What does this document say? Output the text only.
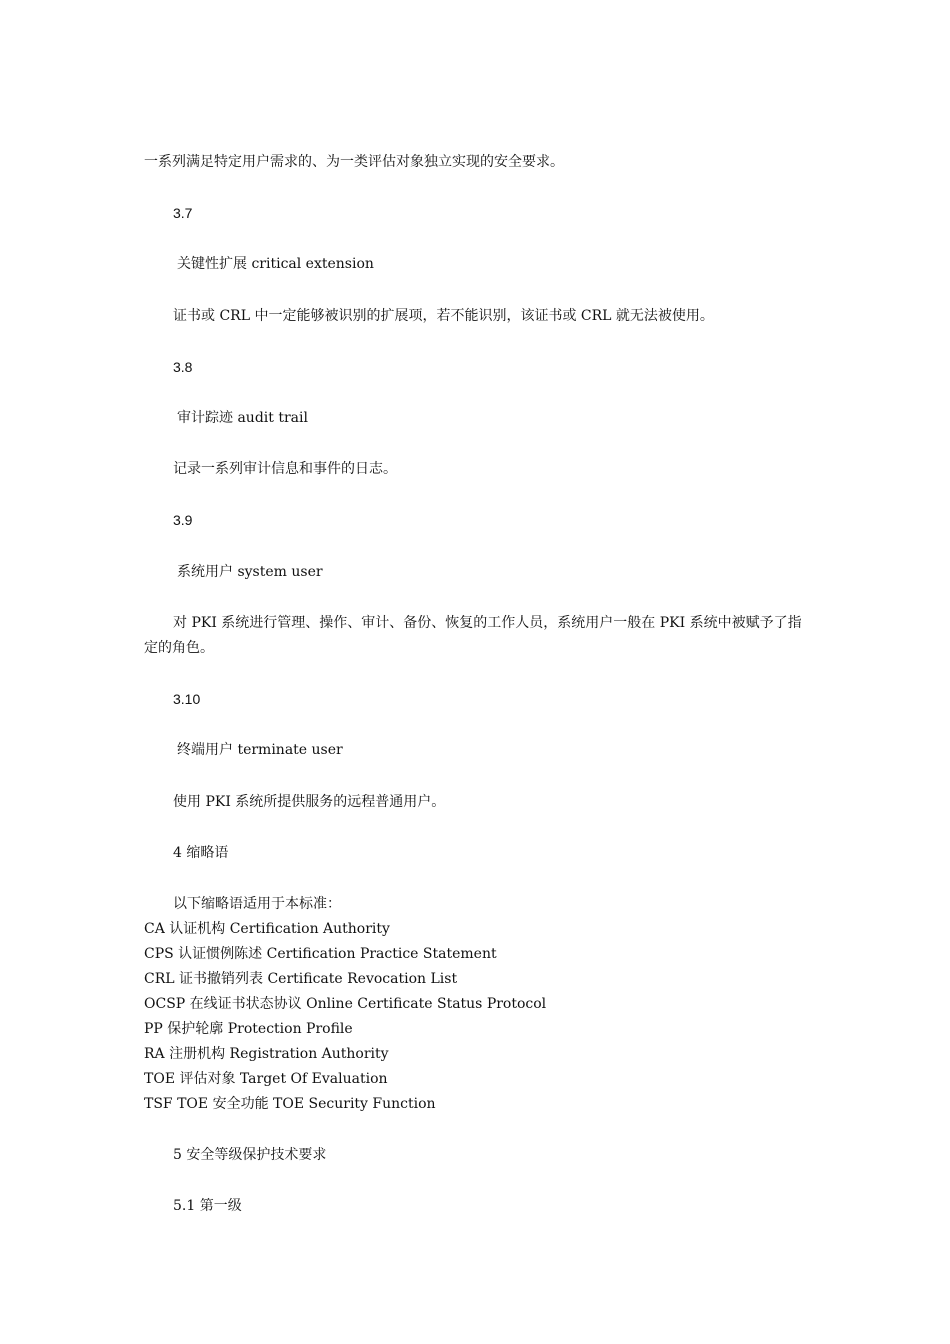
一系列满足特定用户需求的、为一类评估对象独立实现的安全要求。
3.7
关键性扩展 critical extension
证书或 CRL 中一定能够被识别的扩展项，若不能识别，该证书或 CRL 就无法被使用。
3.8
审计踪迹 audit trail
记录一系列审计信息和事件的日志。
3.9
系统用户 system user
对 PKI 系统进行管理、操作、审计、备份、恢复的工作人员，系统用户一般在 PKI 系统中被赋予了指
定的角色。
3.10
终端用户 terminate user
使用 PKI 系统所提供服务的远程普通用户。
4 缩略语
以下缩略语适用于本标准：
CA 认证机构 Certification Authority
CPS 认证惯例陈述 Certification Practice Statement
CRL 证书撤销列表 Certificate Revocation List
OCSP 在线证书状态协议 Online Certificate Status Protocol
PP 保护轮廓 Protection Profile
RA 注册机构 Registration Authority
TOE 评估对象 Target Of Evaluation
TSF TOE 安全功能 TOE Security Function
5 安全等级保护技术要求
5.1 第一级
